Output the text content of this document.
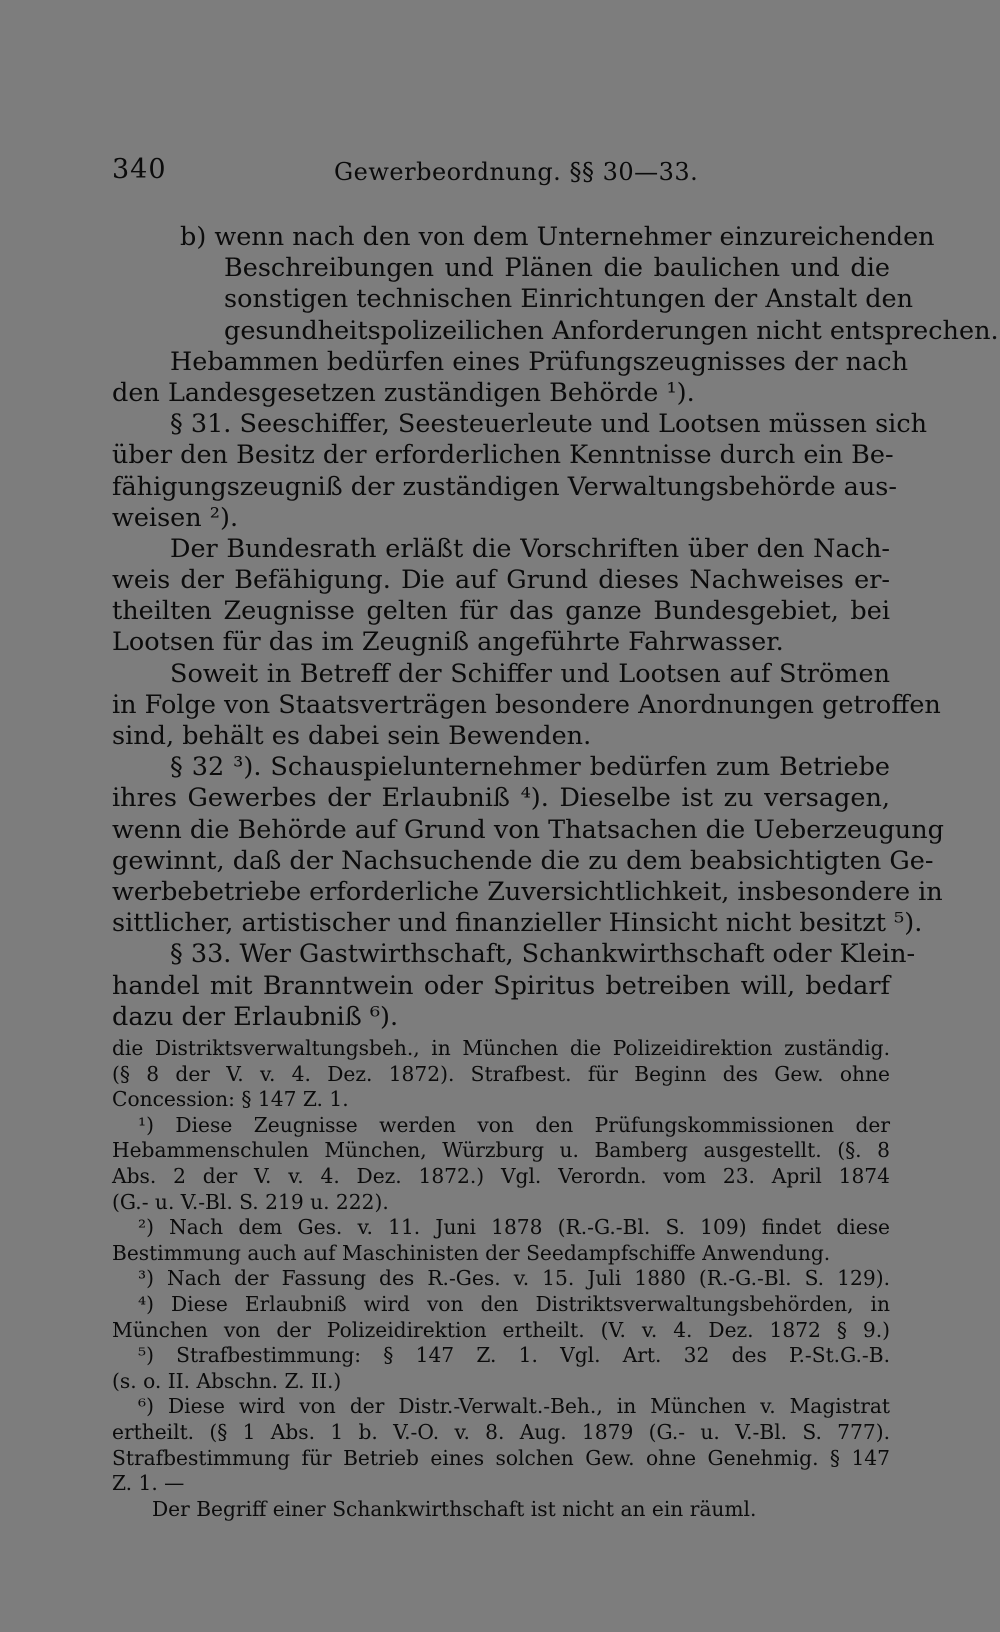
340	Gewerbeordnung. §§ 30—33.
b) wenn nach den von dem Unternehmer einzureichenden
Beschreibungen und Plänen die baulichen und die
sonstigen technischen Einrichtungen der Anstalt den
gesundheitspolizeilichen Anforderungen nicht entsprechen.
Hebammen bedürfen eines Prüfungszeugnisses der nach
den Landesgesetzen zuständigen Behörde ¹).
§ 31. Seeschiffer, Seesteuerleute und Lootsen müssen sich
über den Besitz der erforderlichen Kenntnisse durch ein Be-
fähigungszeugniß der zuständigen Verwaltungsbehörde aus-
weisen ²).
Der Bundesrath erläßt die Vorschriften über den Nach-
weis der Befähigung. Die auf Grund dieses Nachweises er-
theilten Zeugnisse gelten für das ganze Bundesgebiet, bei
Lootsen für das im Zeugniß angeführte Fahrwasser.
Soweit in Betreff der Schiffer und Lootsen auf Strömen
in Folge von Staatsverträgen besondere Anordnungen getroffen
sind, behält es dabei sein Bewenden.
§ 32 ³). Schauspielunternehmer bedürfen zum Betriebe
ihres Gewerbes der Erlaubniß ⁴). Dieselbe ist zu versagen,
wenn die Behörde auf Grund von Thatsachen die Ueberzeugung
gewinnt, daß der Nachsuchende die zu dem beabsichtigten Ge-
werbebetriebe erforderliche Zuversichtlichkeit, insbesondere in
sittlicher, artistischer und finanzieller Hinsicht nicht besitzt ⁵).
§ 33. Wer Gastwirthschaft, Schankwirthschaft oder Klein-
handel mit Branntwein oder Spiritus betreiben will, bedarf
dazu der Erlaubniß ⁶).
die Distriktsverwaltungsbeh., in München die Polizeidirektion zuständig.
(§ 8 der V. v. 4. Dez. 1872). Strafbest. für Beginn des Gew. ohne
Concession: § 147 Z. 1.
¹) Diese Zeugnisse werden von den Prüfungskommissionen der
Hebammenschulen München, Würzburg u. Bamberg ausgestellt. (§. 8
Abs. 2 der V. v. 4. Dez. 1872.) Vgl. Verordn. vom 23. April 1874
(G.- u. V.-Bl. S. 219 u. 222).
²) Nach dem Ges. v. 11. Juni 1878 (R.-G.-Bl. S. 109) findet diese
Bestimmung auch auf Maschinisten der Seedampfschiffe Anwendung.
³) Nach der Fassung des R.-Ges. v. 15. Juli 1880 (R.-G.-Bl. S. 129).
⁴) Diese Erlaubniß wird von den Distriktsverwaltungsbehörden, in
München von der Polizeidirektion ertheilt. (V. v. 4. Dez. 1872 § 9.)
⁵) Strafbestimmung: § 147 Z. 1. Vgl. Art. 32 des P.-St.G.-B.
(s. o. II. Abschn. Z. II.)
⁶) Diese wird von der Distr.-Verwalt.-Beh., in München v. Magistrat
ertheilt. (§ 1 Abs. 1 b. V.-O. v. 8. Aug. 1879 (G.- u. V.-Bl. S. 777).
Strafbestimmung für Betrieb eines solchen Gew. ohne Genehmig. § 147
Z. 1. —
Der Begriff einer Schankwirthschaft ist nicht an ein räuml.
